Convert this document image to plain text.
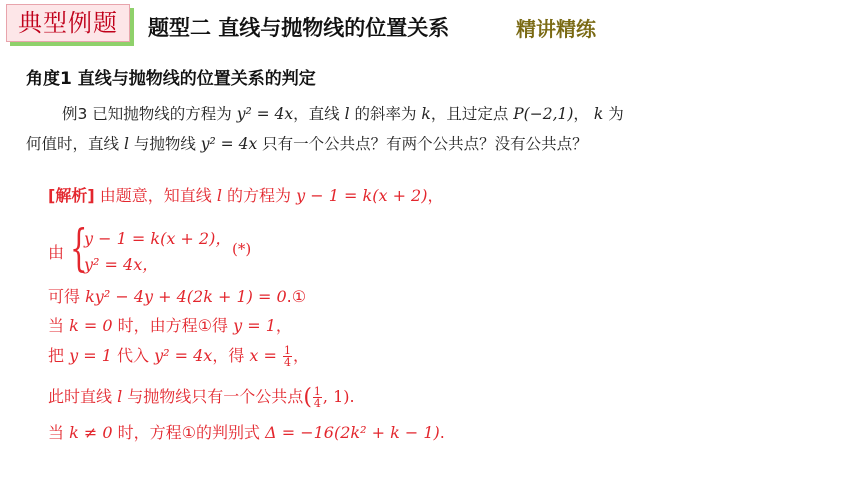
典型例题	题型二 直线与抛物线的位置关系	精讲精练
角度1 直线与抛物线的位置关系的判定
例3 已知抛物线的方程为 y² = 4x，直线 l 的斜率为 k，且过定点 P(−2,1)， k 为
何值时，直线 l 与抛物线 y² = 4x 只有一个公共点？有两个公共点？没有公共点？
[解析] 由题意，知直线 l 的方程为 y − 1 = k(x + 2)，
由 {
y − 1 = k(x + 2)，
y² = 4x，
(*)
可得 ky² − 4y + 4(2k + 1) = 0.①
当 k = 0 时，由方程①得 y = 1，
把 y = 1 代入 y² = 4x，得 $x = \frac{1}{4}$ ，
此时直线 l 与抛物线只有一个公共点( $\frac{1}{4}$ , 1).
当 k ≠ 0 时，方程①的判别式 Δ = −16(2k² + k − 1).
